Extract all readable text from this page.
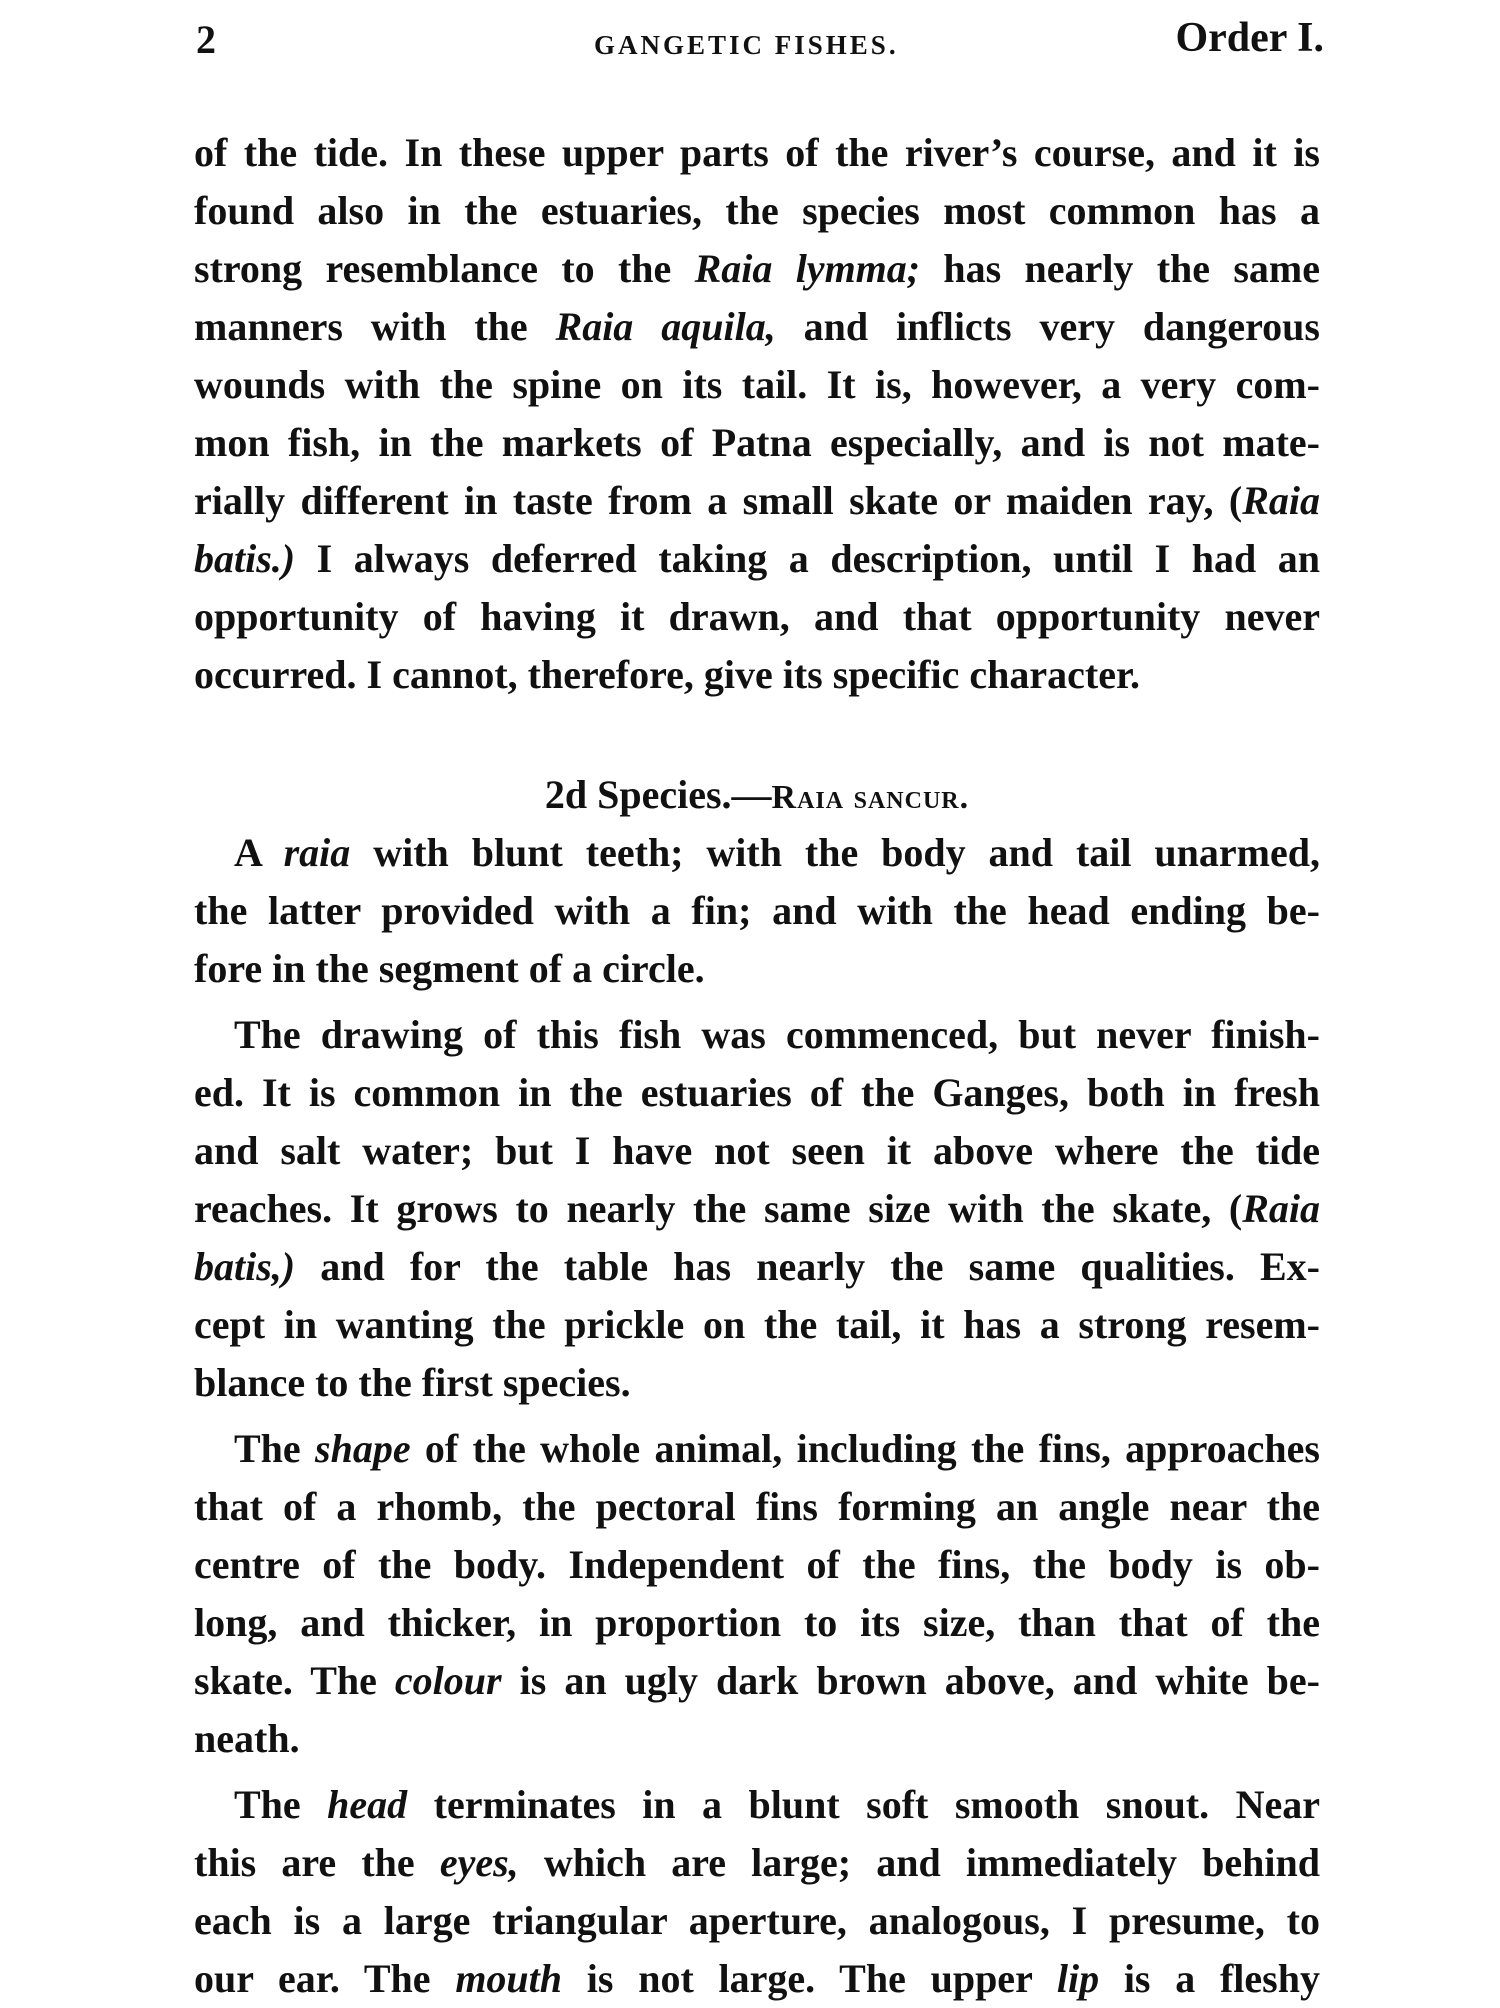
2	GANGETIC FISHES.	Order I.
of the tide. In these upper parts of the river’s course, and it is
found also in the estuaries, the species most common has a
strong resemblance to the Raia lymma; has nearly the same
manners with the Raia aquila, and inflicts very dangerous
wounds with the spine on its tail. It is, however, a very com-
mon fish, in the markets of Patna especially, and is not mate-
rially different in taste from a small skate or maiden ray, (Raia
batis.) I always deferred taking a description, until I had an
opportunity of having it drawn, and that opportunity never
occurred. I cannot, therefore, give its specific character.
2d Species.—Raia sancur.
A raia with blunt teeth; with the body and tail unarmed,
the latter provided with a fin; and with the head ending be-
fore in the segment of a circle.
The drawing of this fish was commenced, but never finish-
ed. It is common in the estuaries of the Ganges, both in fresh
and salt water; but I have not seen it above where the tide
reaches. It grows to nearly the same size with the skate, (Raia
batis,) and for the table has nearly the same qualities. Ex-
cept in wanting the prickle on the tail, it has a strong resem-
blance to the first species.
The shape of the whole animal, including the fins, approaches
that of a rhomb, the pectoral fins forming an angle near the
centre of the body. Independent of the fins, the body is ob-
long, and thicker, in proportion to its size, than that of the
skate. The colour is an ugly dark brown above, and white be-
neath.
The head terminates in a blunt soft smooth snout. Near
this are the eyes, which are large; and immediately behind
each is a large triangular aperture, analogous, I presume, to
our ear. The mouth is not large. The upper lip is a fleshy
